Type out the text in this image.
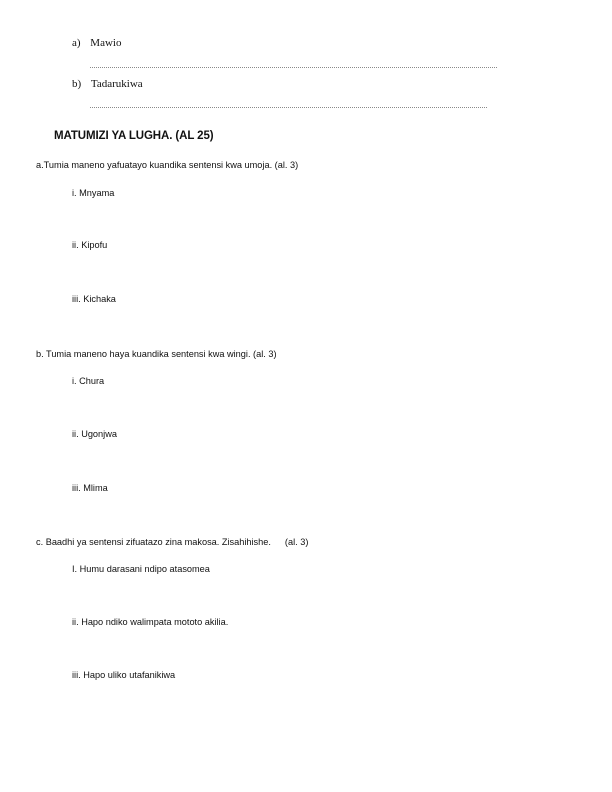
a) Mawio
b) Tadarukiwa
MATUMIZI YA LUGHA. (AL 25)
a.Tumia maneno yafuatayo kuandika sentensi kwa umoja. (al. 3)
i. Mnyama
ii. Kipofu
iii. Kichaka
b. Tumia maneno haya kuandika sentensi kwa wingi. (al. 3)
i. Chura
ii. Ugonjwa
iii. Mlima
c. Baadhi ya sentensi zifuatazo zina makosa. Zisahihishe. (al. 3)
I. Humu darasani ndipo atasomea
ii. Hapo ndiko walimpata mototo akilia.
iii. Hapo uliko utafanikiwa
